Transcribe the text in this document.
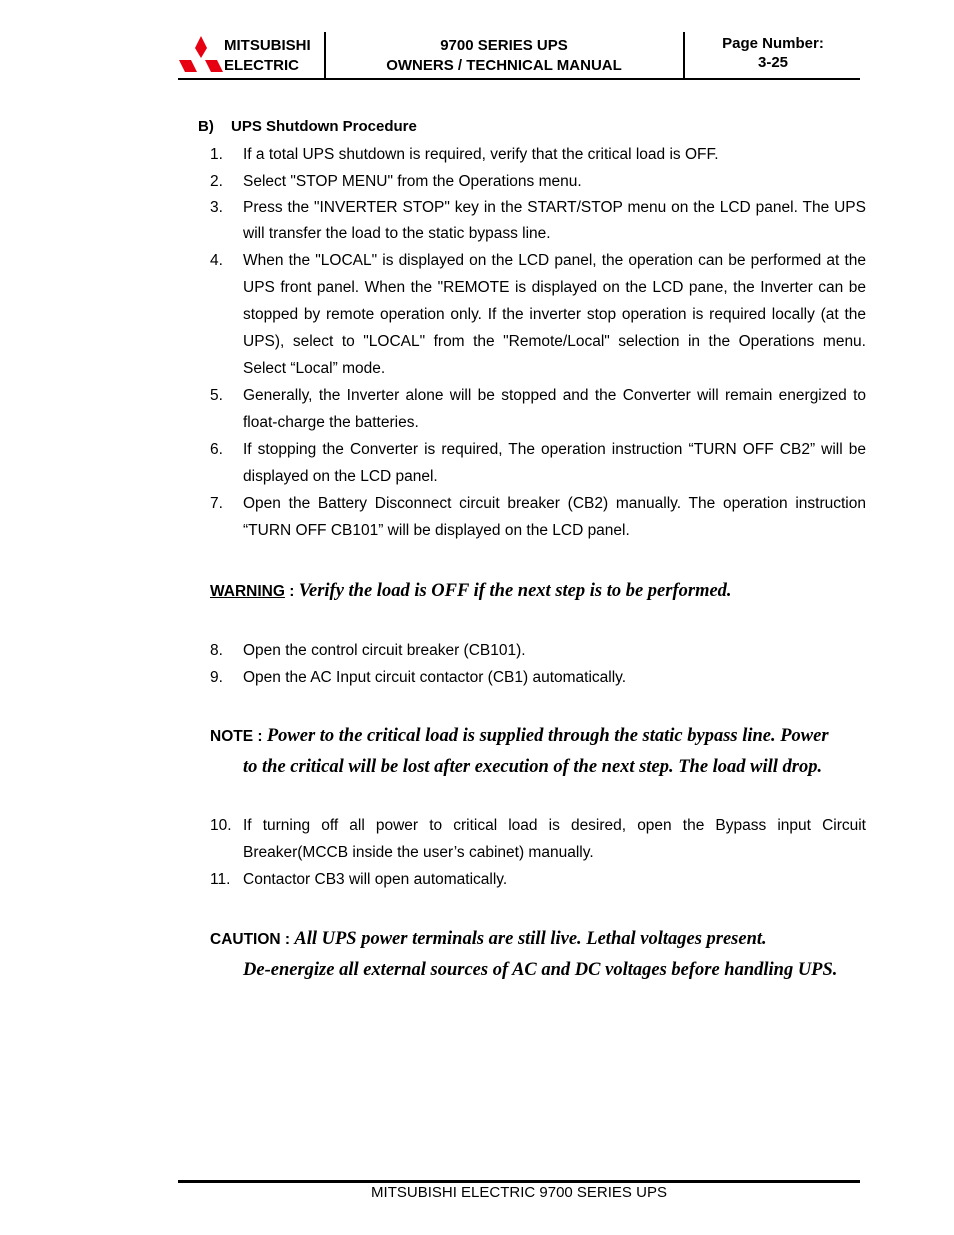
MITSUBISHI
ELECTRIC
9700 SERIES UPS
OWNERS / TECHNICAL MANUAL
Page Number:
3-25
B) UPS Shutdown Procedure
1. If a total UPS shutdown is required, verify that the critical load is OFF.
2. Select "STOP MENU" from the Operations menu.
3. Press the "INVERTER STOP" key in the START/STOP menu on the LCD panel. The UPS will transfer the load to the static bypass line.
4. When the "LOCAL" is displayed on the LCD panel, the operation can be performed at the UPS front panel. When the "REMOTE is displayed on the LCD pane, the Inverter can be stopped by remote operation only. If the inverter stop operation is required locally (at the UPS), select to "LOCAL" from the "Remote/Local" selection in the Operations menu. Select “Local” mode.
5. Generally, the Inverter alone will be stopped and the Converter will remain energized to float-charge the batteries.
6. If stopping the Converter is required, The operation instruction “TURN OFF CB2” will be displayed on the LCD panel.
7. Open the Battery Disconnect circuit breaker (CB2) manually. The operation instruction “TURN OFF CB101” will be displayed on the LCD panel.
WARNING : Verify the load is OFF if the next step is to be performed.
8. Open the control circuit breaker (CB101).
9. Open the AC Input circuit contactor (CB1) automatically.
NOTE : Power to the critical load is supplied through the static bypass line. Power
to the critical will be lost after execution of the next step. The load will drop.
10. If turning off all power to critical load is desired, open the Bypass input Circuit Breaker(MCCB inside the user’s cabinet) manually.
11. Contactor CB3 will open automatically.
CAUTION : All UPS power terminals are still live. Lethal voltages present.
De-energize all external sources of AC and DC voltages before handling UPS.
MITSUBISHI ELECTRIC 9700 SERIES UPS
